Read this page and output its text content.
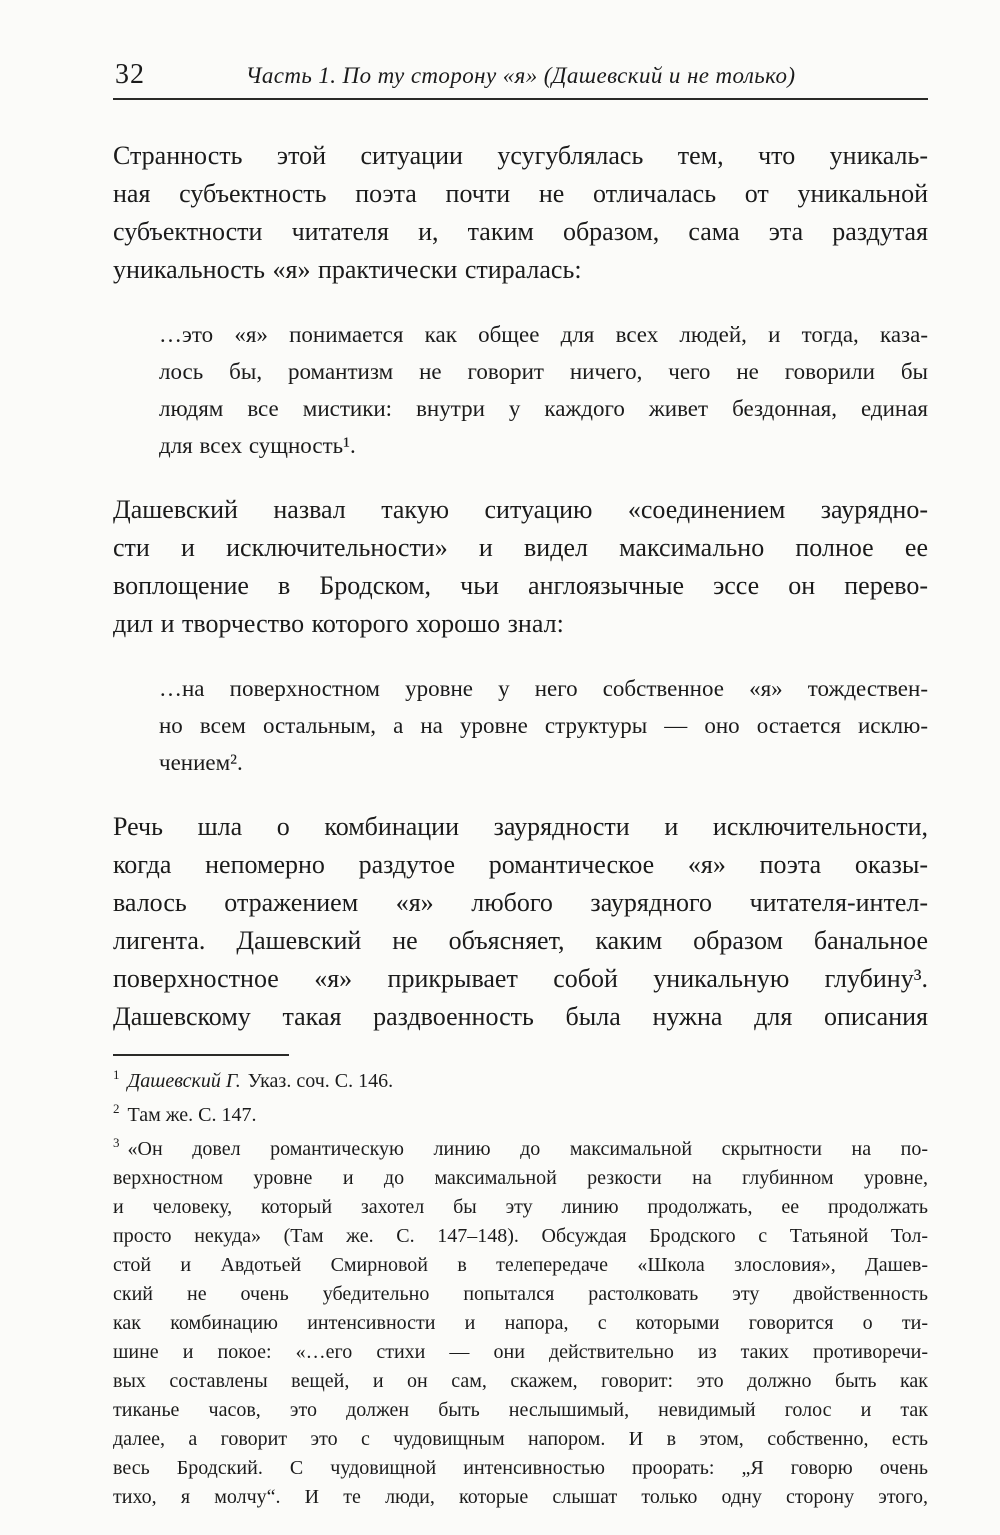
32	Часть 1. По ту сторону «я» (Дашевский и не только)
Странность этой ситуации усугублялась тем, что уникаль-
ная субъектность поэта почти не отличалась от уникальной
субъектности читателя и, таким образом, сама эта раздутая
уникальность «я» практически стиралась:
…это «я» понимается как общее для всех людей, и тогда, каза-
лось бы, романтизм не говорит ничего, чего не говорили бы
людям все мистики: внутри у каждого живет бездонная, единая
для всех сущность¹.
Дашевский назвал такую ситуацию «соединением заурядно-
сти и исключительности» и видел максимально полное ее
воплощение в Бродском, чьи англоязычные эссе он перево-
дил и творчество которого хорошо знал:
…на поверхностном уровне у него собственное «я» тождествен-
но всем остальным, а на уровне структуры — оно остается исклю-
чением².
Речь шла о комбинации заурядности и исключительности,
когда непомерно раздутое романтическое «я» поэта оказы-
валось отражением «я» любого заурядного читателя-интел-
лигента. Дашевский не объясняет, каким образом банальное
поверхностное «я» прикрывает собой уникальную глубину³.
Дашевскому такая раздвоенность была нужна для описания
$^1$ Дашевский Г. Указ. соч. С. 146.
$^2$ Там же. С. 147.
$^3$ «Он довел романтическую линию до максимальной скрытности на по-
верхностном уровне и до максимальной резкости на глубинном уровне,
и человеку, который захотел бы эту линию продолжать, ее продолжать
просто некуда» (Там же. С. 147–148). Обсуждая Бродского с Татьяной Тол-
стой и Авдотьей Смирновой в телепередаче «Школа злословия», Дашев-
ский не очень убедительно попытался растолковать эту двойственность
как комбинацию интенсивности и напора, с которыми говорится о ти-
шине и покое: «…его стихи — они действительно из таких противоречи-
вых составлены вещей, и он сам, скажем, говорит: это должно быть как
тиканье часов, это должен быть неслышимый, невидимый голос и так
далее, а говорит это с чудовищным напором. И в этом, собственно, есть
весь Бродский. С чудовищной интенсивностью проорать: „Я говорю очень
тихо, я молчу“. И те люди, которые слышат только одну сторону этого,
